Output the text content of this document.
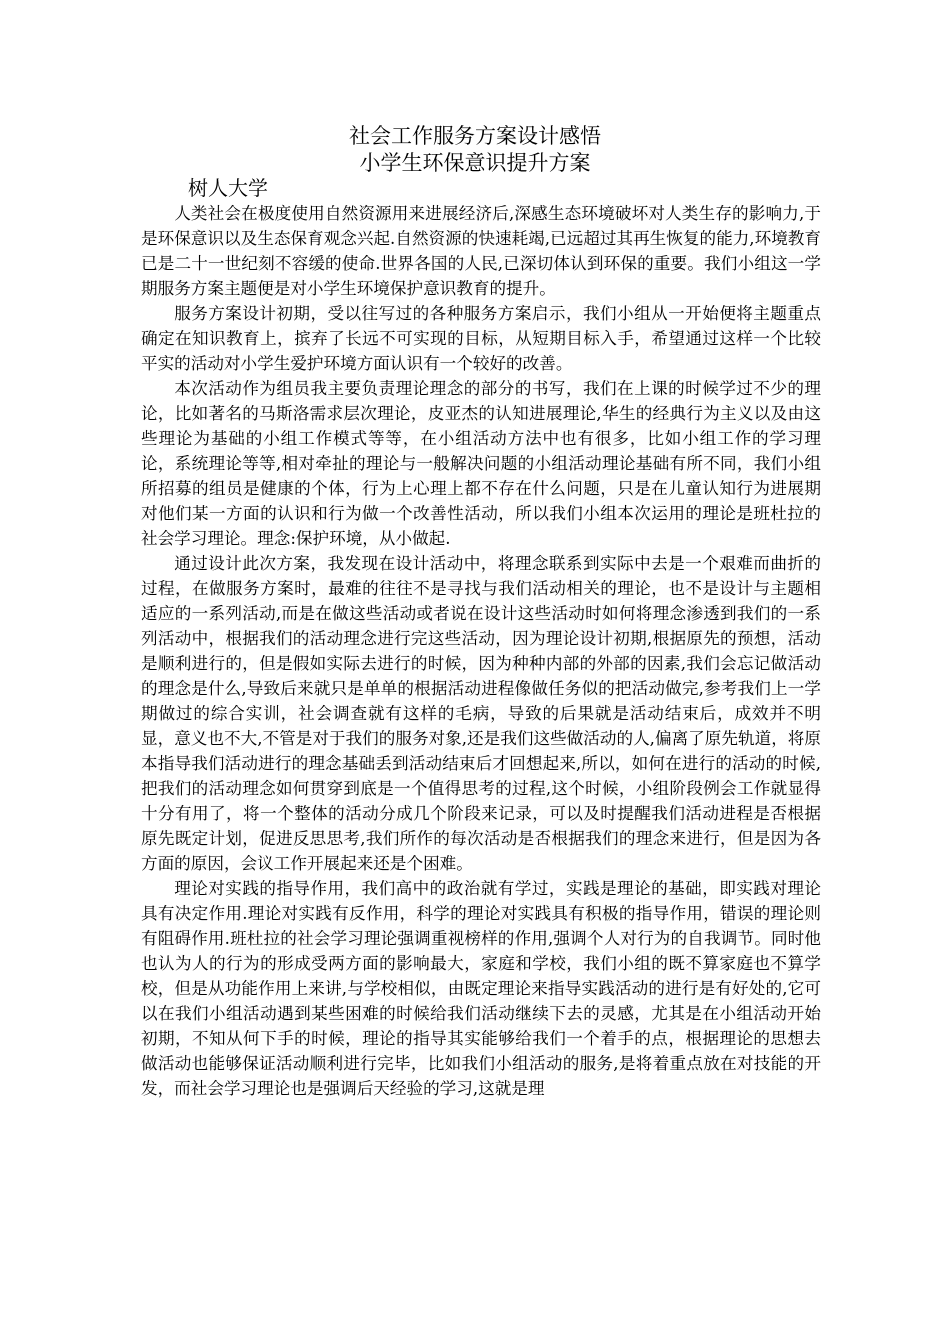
社会工作服务方案设计感悟
小学生环保意识提升方案
树人大学

人类社会在极度使用自然资源用来进展经济后,深感生态环境破坏对人类生存的影响力,于是环保意识以及生态保育观念兴起.自然资源的快速耗竭,已远超过其再生恢复的能力,环境教育已是二十一世纪刻不容缓的使命.世界各国的人民,已深切体认到环保的重要。我们小组这一学期服务方案主题便是对小学生环境保护意识教育的提升。

服务方案设计初期，受以往写过的各种服务方案启示，我们小组从一开始便将主题重点确定在知识教育上，摈弃了长远不可实现的目标，从短期目标入手，希望通过这样一个比较平实的活动对小学生爱护环境方面认识有一个较好的改善。

本次活动作为组员我主要负责理论理念的部分的书写，我们在上课的时候学过不少的理论，比如著名的马斯洛需求层次理论，皮亚杰的认知进展理论,华生的经典行为主义以及由这些理论为基础的小组工作模式等等，在小组活动方法中也有很多，比如小组工作的学习理论，系统理论等等,相对牵扯的理论与一般解决问题的小组活动理论基础有所不同，我们小组所招募的组员是健康的个体，行为上心理上都不存在什么问题，只是在儿童认知行为进展期对他们某一方面的认识和行为做一个改善性活动，所以我们小组本次运用的理论是班杜拉的社会学习理论。理念:保护环境，从小做起.

通过设计此次方案，我发现在设计活动中，将理念联系到实际中去是一个艰难而曲折的过程，在做服务方案时，最难的往往不是寻找与我们活动相关的理论，也不是设计与主题相适应的一系列活动,而是在做这些活动或者说在设计这些活动时如何将理念渗透到我们的一系列活动中，根据我们的活动理念进行完这些活动，因为理论设计初期,根据原先的预想，活动是顺利进行的，但是假如实际去进行的时候，因为种种内部的外部的因素,我们会忘记做活动的理念是什么,导致后来就只是单单的根据活动进程像做任务似的把活动做完,参考我们上一学期做过的综合实训，社会调查就有这样的毛病，导致的后果就是活动结束后，成效并不明显，意义也不大,不管是对于我们的服务对象,还是我们这些做活动的人,偏离了原先轨道，将原本指导我们活动进行的理念基础丢到活动结束后才回想起来,所以，如何在进行的活动的时候,把我们的活动理念如何贯穿到底是一个值得思考的过程,这个时候，小组阶段例会工作就显得十分有用了，将一个整体的活动分成几个阶段来记录，可以及时提醒我们活动进程是否根据原先既定计划，促进反思思考,我们所作的每次活动是否根据我们的理念来进行，但是因为各方面的原因，会议工作开展起来还是个困难。

理论对实践的指导作用，我们高中的政治就有学过，实践是理论的基础，即实践对理论具有决定作用.理论对实践有反作用，科学的理论对实践具有积极的指导作用，错误的理论则有阻碍作用.班杜拉的社会学习理论强调重视榜样的作用,强调个人对行为的自我调节。同时他也认为人的行为的形成受两方面的影响最大，家庭和学校，我们小组的既不算家庭也不算学校，但是从功能作用上来讲,与学校相似，由既定理论来指导实践活动的进行是有好处的,它可以在我们小组活动遇到某些困难的时候给我们活动继续下去的灵感，尤其是在小组活动开始初期，不知从何下手的时候，理论的指导其实能够给我们一个着手的点，根据理论的思想去做活动也能够保证活动顺利进行完毕，比如我们小组活动的服务,是将着重点放在对技能的开发，而社会学习理论也是强调后天经验的学习,这就是理
